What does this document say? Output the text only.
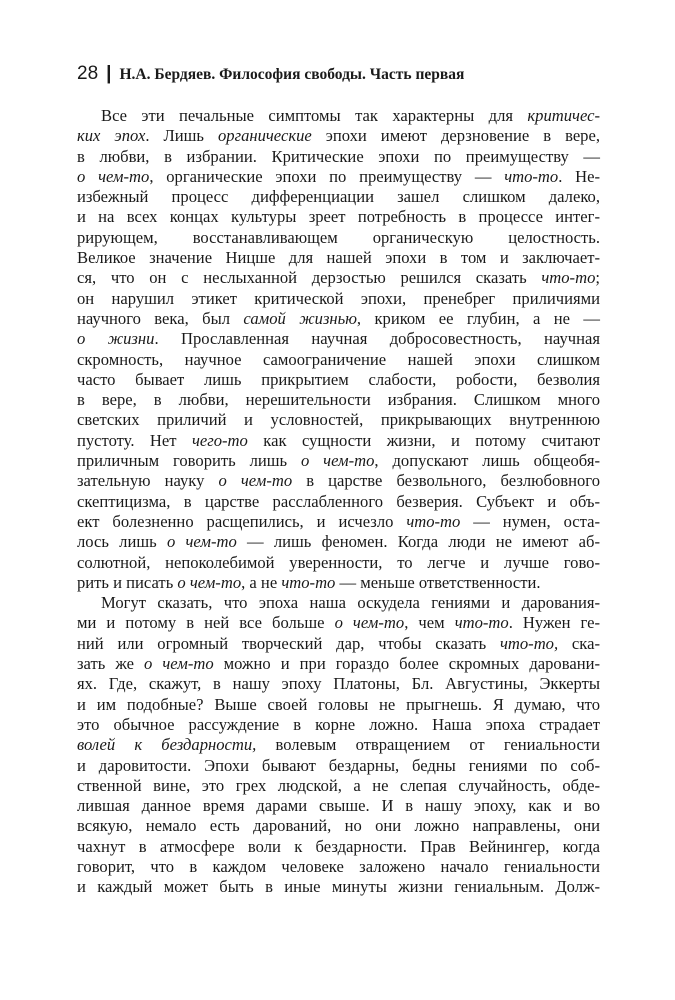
28 | Н.А. Бердяев. Философия свободы. Часть первая
Все эти печальные симптомы так характерны для критичес-
ких эпох. Лишь органические эпохи имеют дерзновение в вере,
в любви, в избрании. Критические эпохи по преимуществу —
о чем-то, органические эпохи по преимуществу — что-то. Не-
избежный процесс дифференциации зашел слишком далеко,
и на всех концах культуры зреет потребность в процессе интег-
рирующем, восстанавливающем органическую целостность.
Великое значение Ницше для нашей эпохи в том и заключает-
ся, что он с неслыханной дерзостью решился сказать что-то;
он нарушил этикет критической эпохи, пренебрег приличиями
научного века, был самой жизнью, криком ее глубин, а не —
о жизни. Прославленная научная добросовестность, научная
скромность, научное самоограничение нашей эпохи слишком
часто бывает лишь прикрытием слабости, робости, безволия
в вере, в любви, нерешительности избрания. Слишком много
светских приличий и условностей, прикрывающих внутреннюю
пустоту. Нет чего-то как сущности жизни, и потому считают
приличным говорить лишь о чем-то, допускают лишь общеобя-
зательную науку о чем-то в царстве безвольного, безлюбовного
скептицизма, в царстве расслабленного безверия. Субъект и объ-
ект болезненно расщепились, и исчезло что-то — нумен, оста-
лось лишь о чем-то — лишь феномен. Когда люди не имеют аб-
солютной, непоколебимой уверенности, то легче и лучше гово-
рить и писать о чем-то, а не что-то — меньше ответственности.
Могут сказать, что эпоха наша оскудела гениями и дарования-
ми и потому в ней все больше о чем-то, чем что-то. Нужен ге-
ний или огромный творческий дар, чтобы сказать что-то, ска-
зать же о чем-то можно и при гораздо более скромных даровани-
ях. Где, скажут, в нашу эпоху Платоны, Бл. Августины, Эккерты
и им подобные? Выше своей головы не прыгнешь. Я думаю, что
это обычное рассуждение в корне ложно. Наша эпоха страдает
волей к бездарности, волевым отвращением от гениальности
и даровитости. Эпохи бывают бездарны, бедны гениями по соб-
ственной вине, это грех людской, а не слепая случайность, обде-
лившая данное время дарами свыше. И в нашу эпоху, как и во
всякую, немало есть дарований, но они ложно направлены, они
чахнут в атмосфере воли к бездарности. Прав Вейнингер, когда
говорит, что в каждом человеке заложено начало гениальности
и каждый может быть в иные минуты жизни гениальным. Долж-
